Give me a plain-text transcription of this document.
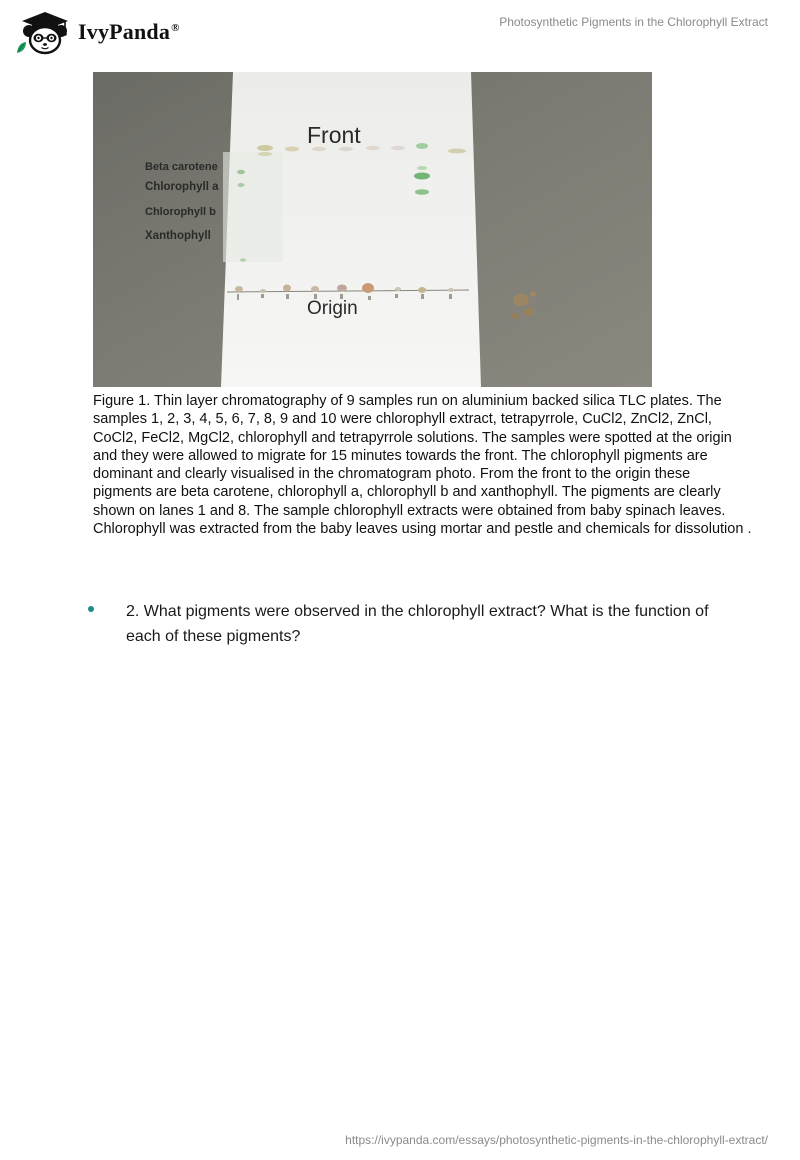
IvyPanda®	Photosynthetic Pigments in the Chlorophyll Extract
Front
Origin
Beta carotene
Chlorophyll a
Chlorophyll b
Xanthophyll

Figure 1. Thin layer chromatography of 9 samples run on aluminium backed silica TLC plates. The samples 1, 2, 3, 4, 5, 6, 7, 8, 9 and 10 were chlorophyll extract, tetrapyrrole, CuCl2, ZnCl2, ZnCl, CoCl2, FeCl2, MgCl2, chlorophyll and tetrapyrrole solutions. The samples were spotted at the origin and they were allowed to migrate for 15 minutes towards the front. The chlorophyll pigments are dominant and clearly visualised in the chromatogram photo. From the front to the origin these pigments are beta carotene, chlorophyll a, chlorophyll b and xanthophyll. The pigments are clearly shown on lanes 1 and 8. The sample chlorophyll extracts were obtained from baby spinach leaves. Chlorophyll was extracted from the baby leaves using mortar and pestle and chemicals for dissolution .

2. What pigments were observed in the chlorophyll extract? What is the function of each of these pigments?
https://ivypanda.com/essays/photosynthetic-pigments-in-the-chlorophyll-extract/
